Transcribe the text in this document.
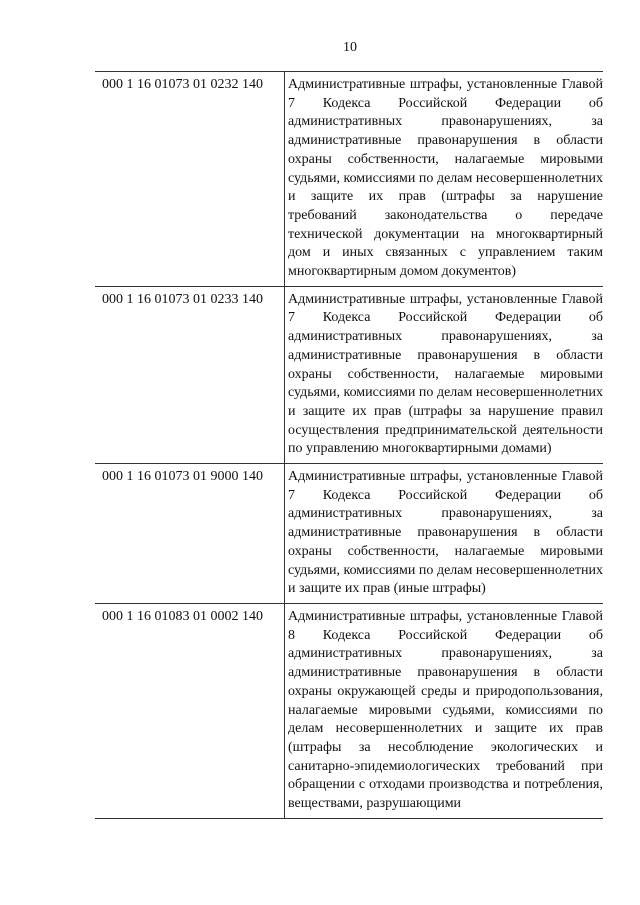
10
000 1 16 01073 01 0232 140	Административные штрафы, установленные Главой 7 Кодекса Российской Федерации об административных правонарушениях, за административные правонарушения в области охраны собственности, налагаемые мировыми судьями, комиссиями по делам несовершеннолетних и защите их прав (штрафы за нарушение требований законодательства о передаче технической документации на многоквартирный дом и иных связанных с управлением таким многоквартирным домом документов)
000 1 16 01073 01 0233 140	Административные штрафы, установленные Главой 7 Кодекса Российской Федерации об административных правонарушениях, за административные правонарушения в области охраны собственности, налагаемые мировыми судьями, комиссиями по делам несовершеннолетних и защите их прав (штрафы за нарушение правил осуществления предпринимательской деятельности по управлению многоквартирными домами)
000 1 16 01073 01 9000 140	Административные штрафы, установленные Главой 7 Кодекса Российской Федерации об административных правонарушениях, за административные правонарушения в области охраны собственности, налагаемые мировыми судьями, комиссиями по делам несовершеннолетних и защите их прав (иные штрафы)
000 1 16 01083 01 0002 140	Административные штрафы, установленные Главой 8 Кодекса Российской Федерации об административных правонарушениях, за административные правонарушения в области охраны окружающей среды и природопользования, налагаемые мировыми судьями, комиссиями по делам несовершеннолетних и защите их прав (штрафы за несоблюдение экологических и санитарно-эпидемиологических требований при обращении с отходами производства и потребления, веществами, разрушающими
